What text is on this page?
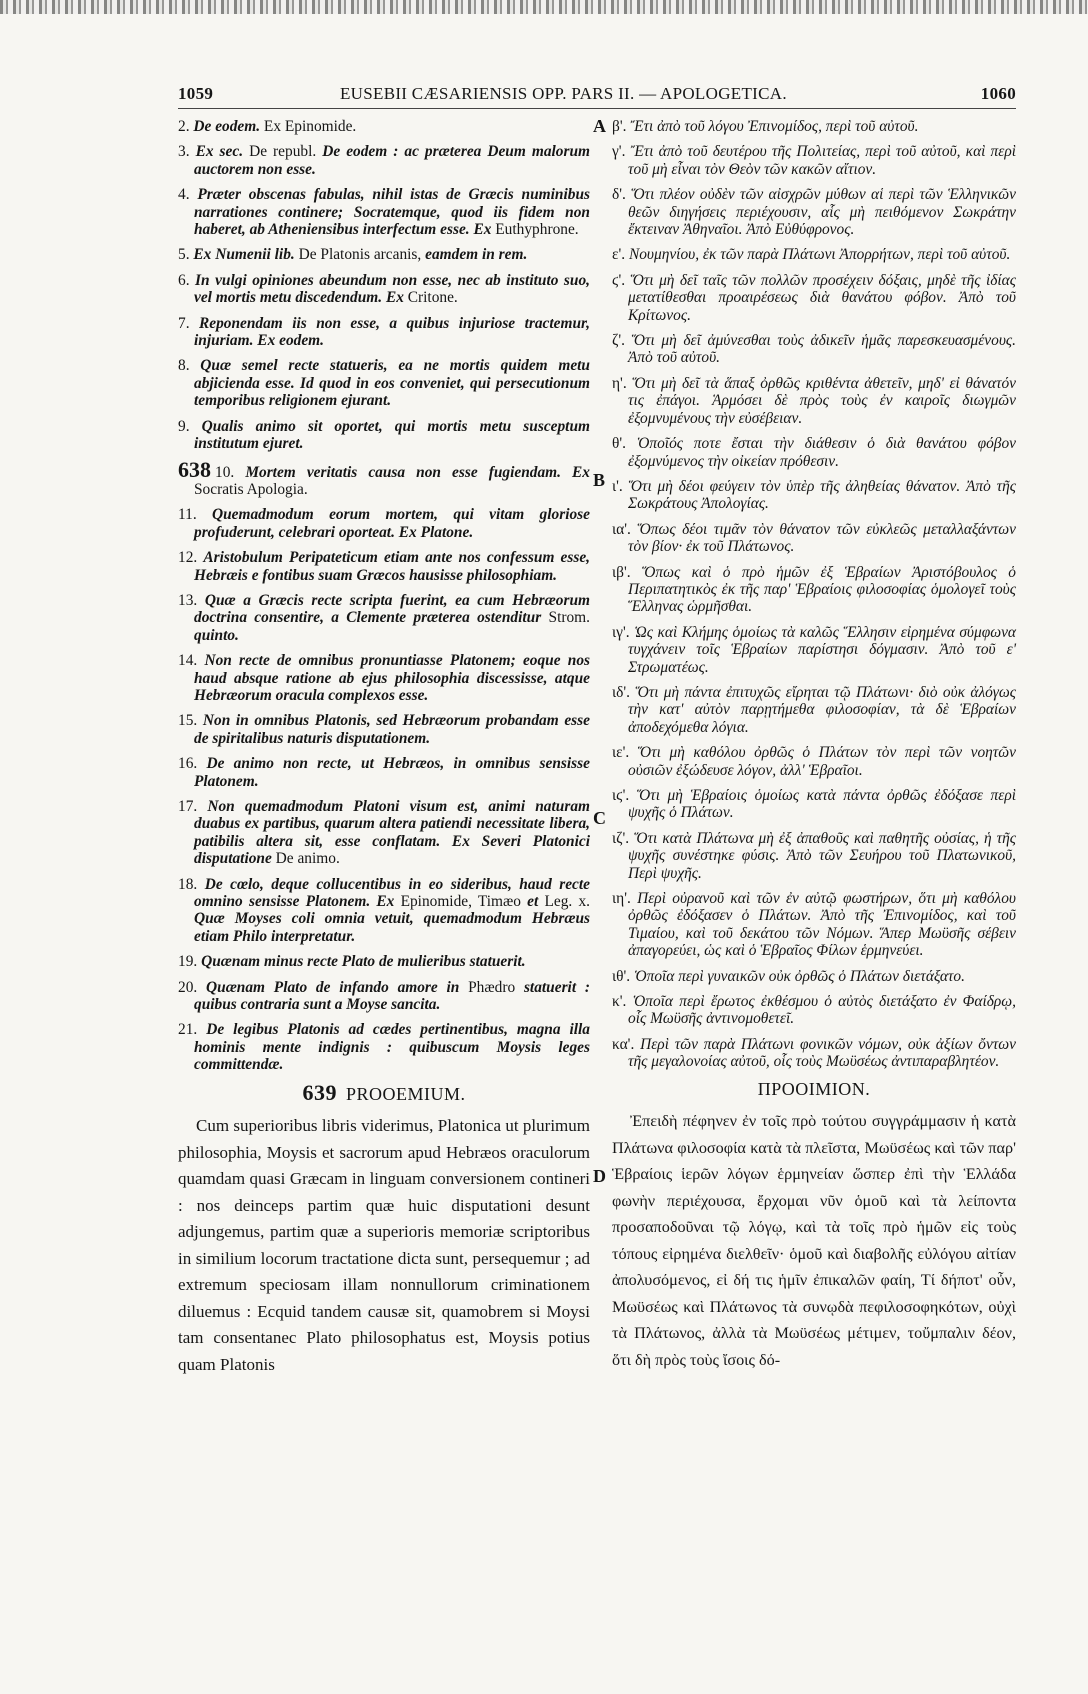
1059	EUSEBII CÆSARIENSIS OPP. PARS II. — APOLOGETICA.	1060
A
B
C
D
2. De eodem. Ex Epinomide.
3. Ex sec. De republ. De eodem : ac præterea Deum malorum auctorem non esse.
4. Præter obscenas fabulas, nihil istas de Græcis numinibus narrationes continere; Socratemque, quod iis fidem non haberet, ab Atheniensibus interfectum esse. Ex Euthyphrone.
5. Ex Numenii lib. De Platonis arcanis, eamdem in rem.
6. In vulgi opiniones abeundum non esse, nec ab instituto suo, vel mortis metu discedendum. Ex Critone.
7. Reponendam iis non esse, a quibus injuriose tractemur, injuriam. Ex eodem.
8. Quæ semel recte statueris, ea ne mortis quidem metu abjicienda esse. Id quod in eos conveniet, qui persecutionum temporibus religionem ejurant.
9. Qualis animo sit oportet, qui mortis metu susceptum institutum ejuret.
638 10. Mortem veritatis causa non esse fugiendam. Ex Socratis Apologia.
11. Quemadmodum eorum mortem, qui vitam gloriose profuderunt, celebrari oporteat. Ex Platone.
12. Aristobulum Peripateticum etiam ante nos confessum esse, Hebræis e fontibus suam Græcos hausisse philosophiam.
13. Quæ a Græcis recte scripta fuerint, ea cum Hebræorum doctrina consentire, a Clemente præterea ostenditur Strom. quinto.
14. Non recte de omnibus pronuntiasse Platonem; eoque nos haud absque ratione ab ejus philosophia discessisse, atque Hebræorum oracula complexos esse.
15. Non in omnibus Platonis, sed Hebræorum probandam esse de spiritalibus naturis disputationem.
16. De animo non recte, ut Hebræos, in omnibus sensisse Platonem.
17. Non quemadmodum Platoni visum est, animi naturam duabus ex partibus, quarum altera patiendi necessitate libera, patibilis altera sit, esse conflatam. Ex Severi Platonici disputatione De animo.
18. De cœlo, deque collucentibus in eo sideribus, haud recte omnino sensisse Platonem. Ex Epinomide, Timæo et Leg. x. Quæ Moyses coli omnia vetuit, quemadmodum Hebræus etiam Philo interpretatur.
19. Quænam minus recte Plato de mulieribus statuerit.
20. Quænam Plato de infando amore in Phædro statuerit : quibus contraria sunt a Moyse sancita.
21. De legibus Platonis ad cædes pertinentibus, magna illa hominis mente indignis : quibuscum Moysis leges committendæ.
639 PROOEMIUM.
Cum superioribus libris viderimus, Platonica ut plurimum philosophia, Moysis et sacrorum apud Hebræos oraculorum quamdam quasi Græcam in linguam conversionem contineri : nos deinceps partim quæ huic disputationi desunt adjungemus, partim quæ a superioris memoriæ scriptoribus in similium locorum tractatione dicta sunt, persequemur ; ad extremum speciosam illam nonnullorum criminationem diluemus : Ecquid tandem causæ sit, quamobrem si Moysi tam consentanec Plato philosophatus est, Moysis potius quam Platonis
β'. Ἔτι ἀπὸ τοῦ λόγου Ἐπινομίδος, περὶ τοῦ αὐτοῦ.
γ'. Ἔτι ἀπὸ τοῦ δευτέρου τῆς Πολιτείας, περὶ τοῦ αὐτοῦ, καὶ περὶ τοῦ μὴ εἶναι τὸν Θεὸν τῶν κακῶν αἴτιον.
δ'. Ὅτι πλέον οὐδὲν τῶν αἰσχρῶν μύθων αἱ περὶ τῶν Ἑλληνικῶν θεῶν διηγήσεις περιέχουσιν, αἷς μὴ πειθόμενον Σωκράτην ἔκτειναν Ἀθηναῖοι. Ἀπὸ Εὐθύφρονος.
ε'. Νουμηνίου, ἐκ τῶν παρὰ Πλάτωνι Ἀπορρήτων, περὶ τοῦ αὐτοῦ.
ϛ'. Ὅτι μὴ δεῖ ταῖς τῶν πολλῶν προσέχειν δόξαις, μηδὲ τῆς ἰδίας μετατίθεσθαι προαιρέσεως διὰ θανάτου φόβον. Ἀπὸ τοῦ Κρίτωνος.
ζ'. Ὅτι μὴ δεῖ ἀμύνεσθαι τοὺς ἀδικεῖν ἡμᾶς παρεσκευασμένους. Ἀπὸ τοῦ αὐτοῦ.
η'. Ὅτι μὴ δεῖ τὰ ἅπαξ ὀρθῶς κριθέντα ἀθετεῖν, μηδ' εἰ θάνατόν τις ἐπάγοι. Ἁρμόσει δὲ πρὸς τοὺς ἐν καιροῖς διωγμῶν ἐξομνυμένους τὴν εὐσέβειαν.
θ'. Ὁποῖός ποτε ἔσται τὴν διάθεσιν ὁ διὰ θανάτου φόβον ἐξομνύμενος τὴν οἰκείαν πρόθεσιν.
ι'. Ὅτι μὴ δέοι φεύγειν τὸν ὑπὲρ τῆς ἀληθείας θάνατον. Ἀπὸ τῆς Σωκράτους Ἀπολογίας.
ια'. Ὅπως δέοι τιμᾶν τὸν θάνατον τῶν εὐκλεῶς μεταλλαξάντων τὸν βίον· ἐκ τοῦ Πλάτωνος.
ιβ'. Ὅπως καὶ ὁ πρὸ ἡμῶν ἐξ Ἑβραίων Ἀριστόβουλος ὁ Περιπατητικὸς ἐκ τῆς παρ' Ἑβραίοις φιλοσοφίας ὁμολογεῖ τοὺς Ἕλληνας ὡρμῆσθαι.
ιγ'. Ὡς καὶ Κλήμης ὁμοίως τὰ καλῶς Ἕλλησιν εἰρημένα σύμφωνα τυγχάνειν τοῖς Ἑβραίων παρίστησι δόγμασιν. Ἀπὸ τοῦ ε' Στρωματέως.
ιδ'. Ὅτι μὴ πάντα ἐπιτυχῶς εἴρηται τῷ Πλάτωνι· διὸ οὐκ ἀλόγως τὴν κατ' αὐτὸν παρῃτήμεθα φιλοσοφίαν, τὰ δὲ Ἑβραίων ἀποδεχόμεθα λόγια.
ιε'. Ὅτι μὴ καθόλου ὀρθῶς ὁ Πλάτων τὸν περὶ τῶν νοητῶν οὐσιῶν ἐξώδευσε λόγον, ἀλλ' Ἑβραῖοι.
ιϛ'. Ὅτι μὴ Ἑβραίοις ὁμοίως κατὰ πάντα ὀρθῶς ἐδόξασε περὶ ψυχῆς ὁ Πλάτων.
ιζ'. Ὅτι κατὰ Πλάτωνα μὴ ἐξ ἀπαθοῦς καὶ παθητῆς οὐσίας, ἡ τῆς ψυχῆς συνέστηκε φύσις. Ἀπὸ τῶν Σευήρου τοῦ Πλατωνικοῦ, Περὶ ψυχῆς.
ιη'. Περὶ οὐρανοῦ καὶ τῶν ἐν αὐτῷ φωστήρων, ὅτι μὴ καθόλου ὀρθῶς ἐδόξασεν ὁ Πλάτων. Ἀπὸ τῆς Ἐπινομίδος, καὶ τοῦ Τιμαίου, καὶ τοῦ δεκάτου τῶν Νόμων. Ἅπερ Μωϋσῆς σέβειν ἀπαγορεύει, ὡς καὶ ὁ Ἑβραῖος Φίλων ἑρμηνεύει.
ιθ'. Ὁποῖα περὶ γυναικῶν οὐκ ὀρθῶς ὁ Πλάτων διετάξατο.
κ'. Ὁποῖα περὶ ἔρωτος ἐκθέσμου ὁ αὐτὸς διετάξατο ἐν Φαίδρῳ, οἷς Μωϋσῆς ἀντινομοθετεῖ.
κα'. Περὶ τῶν παρὰ Πλάτωνι φονικῶν νόμων, οὐκ ἀξίων ὄντων τῆς μεγαλονοίας αὐτοῦ, οἷς τοὺς Μωϋσέως ἀντιπαραβλητέον.
ΠΡΟΟΙΜΙΟΝ.
Ἐπειδὴ πέφηνεν ἐν τοῖς πρὸ τούτου συγγράμμασιν ἡ κατὰ Πλάτωνα φιλοσοφία κατὰ τὰ πλεῖστα, Μωϋσέως καὶ τῶν παρ' Ἑβραίοις ἱερῶν λόγων ἑρμηνείαν ὥσπερ ἐπὶ τὴν Ἑλλάδα φωνὴν περιέχουσα, ἔρχομαι νῦν ὁμοῦ καὶ τὰ λείποντα προσαποδοῦναι τῷ λόγῳ, καὶ τὰ τοῖς πρὸ ἡμῶν εἰς τοὺς τόπους εἰρημένα διελθεῖν· ὁμοῦ καὶ διαβολῆς εὐλόγου αἰτίαν ἀπολυσόμενος, εἰ δή τις ἡμῖν ἐπικαλῶν φαίη, Τί δήποτ' οὖν, Μωϋσέως καὶ Πλάτωνος τὰ συνῳδὰ πεφιλοσοφηκότων, οὐχὶ τὰ Πλάτωνος, ἀλλὰ τὰ Μωϋσέως μέτιμεν, τοὔμπαλιν δέον, ὅτι δὴ πρὸς τοὺς ἴσοις δό-
